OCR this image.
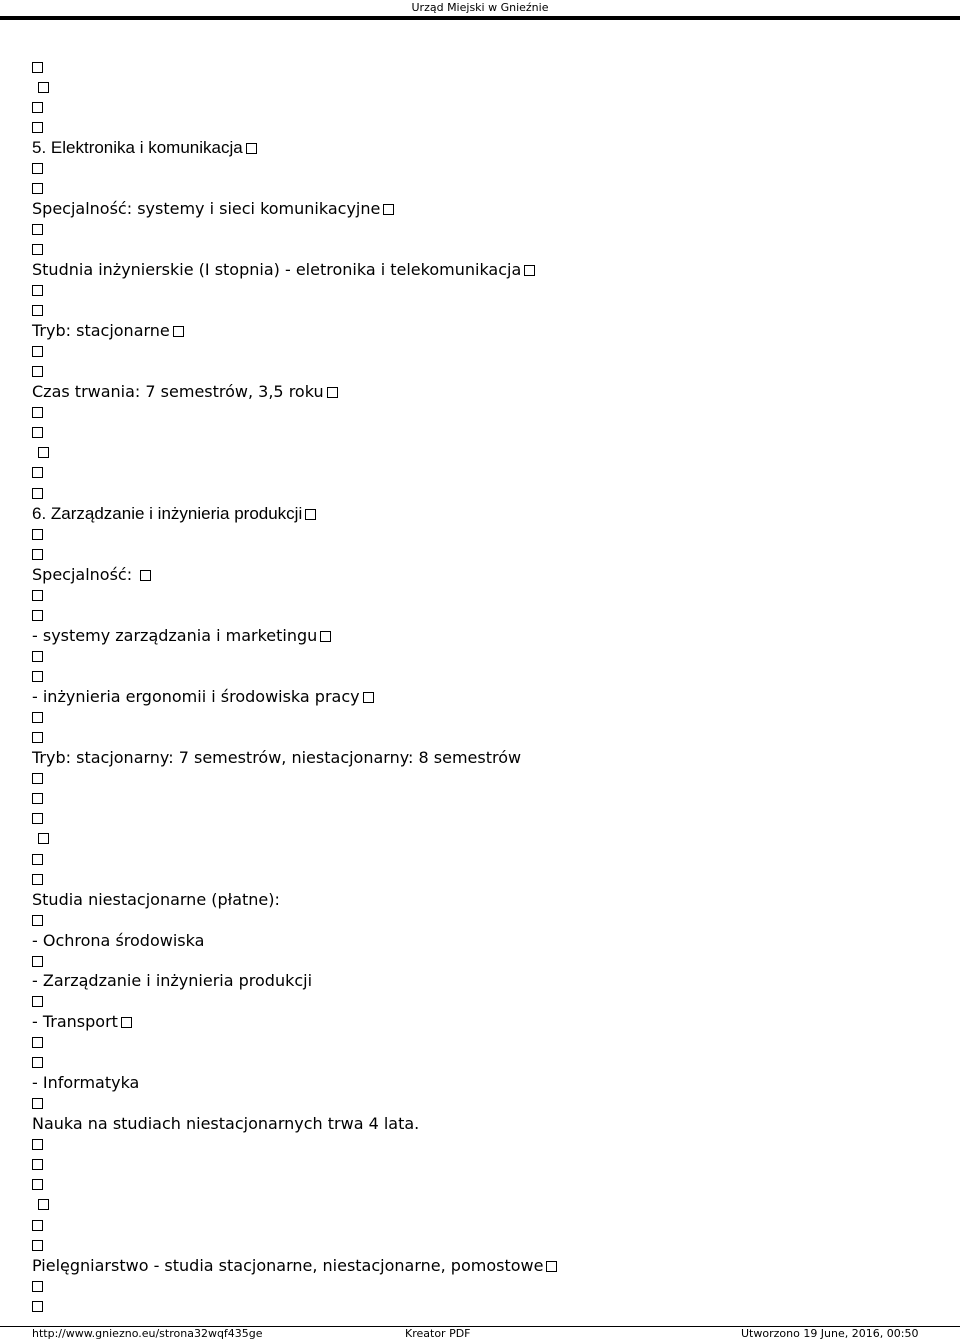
Urząd Miejski w Gnieźnie
5. Elektronika i komunikacja
Specjalność: systemy i sieci komunikacyjne
Studnia inżynierskie (I stopnia) - eletronika i telekomunikacja
Tryb: stacjonarne
Czas trwania: 7 semestrów, 3,5 roku
6. Zarządzanie i inżynieria produkcji
Specjalność:
- systemy zarządzania i marketingu
- inżynieria ergonomii i środowiska pracy
Tryb: stacjonarny: 7 semestrów, niestacjonarny: 8 semestrów
Studia niestacjonarne (płatne):
- Ochrona środowiska
- Zarządzanie i inżynieria produkcji
- Transport
- Informatyka
Nauka na studiach niestacjonarnych trwa 4 lata.
Pielęgniarstwo - studia stacjonarne, niestacjonarne, pomostowe
http://www.gniezno.eu/strona32wqf435ge	Kreator PDF	Utworzono 19 June, 2016, 00:50
